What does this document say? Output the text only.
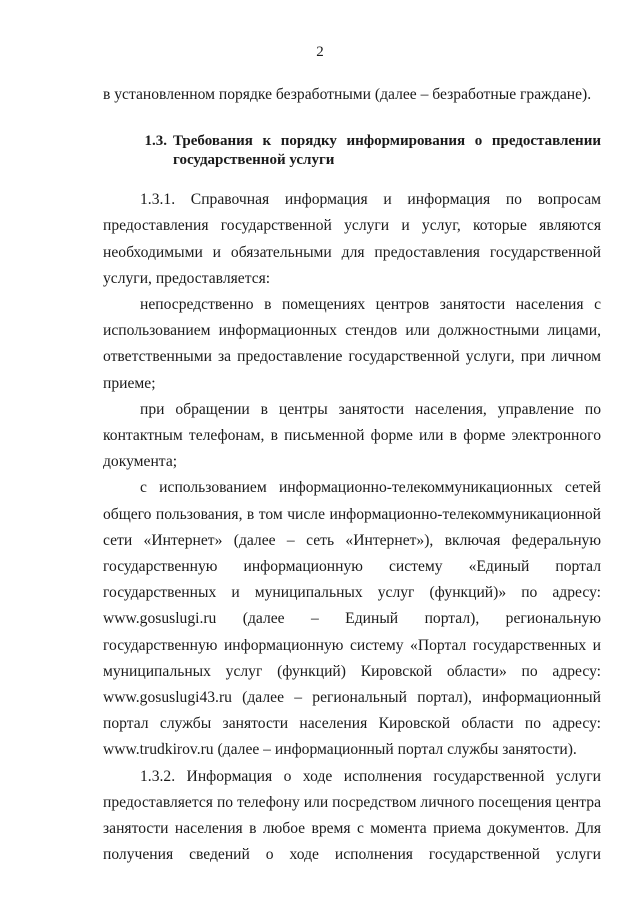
2

в установленном порядке безработными (далее – безработные граждане).

1.3. Требования к порядку информирования о предоставлении государственной услуги

1.3.1. Справочная информация и информация по вопросам предоставления государственной услуги и услуг, которые являются необходимыми и обязательными для предоставления государственной услуги, предоставляется:

непосредственно в помещениях центров занятости населения с использованием информационных стендов или должностными лицами, ответственными за предоставление государственной услуги, при личном приеме;

при обращении в центры занятости населения, управление по контактным телефонам, в письменной форме или в форме электронного документа;

с использованием информационно-телекоммуникационных сетей общего пользования, в том числе информационно-телекоммуникационной сети «Интернет» (далее – сеть «Интернет»), включая федеральную государственную информационную систему «Единый портал государственных и муниципальных услуг (функций)» по адресу: www.gosuslugi.ru (далее – Единый портал), региональную государственную информационную систему «Портал государственных и муниципальных услуг (функций) Кировской области» по адресу: www.gosuslugi43.ru (далее – региональный портал), информационный портал службы занятости населения Кировской области по адресу: www.trudkirov.ru (далее – информационный портал службы занятости).

1.3.2. Информация о ходе исполнения государственной услуги предоставляется по телефону или посредством личного посещения центра занятости населения в любое время с момента приема документов. Для получения сведений о ходе исполнения государственной услуги
